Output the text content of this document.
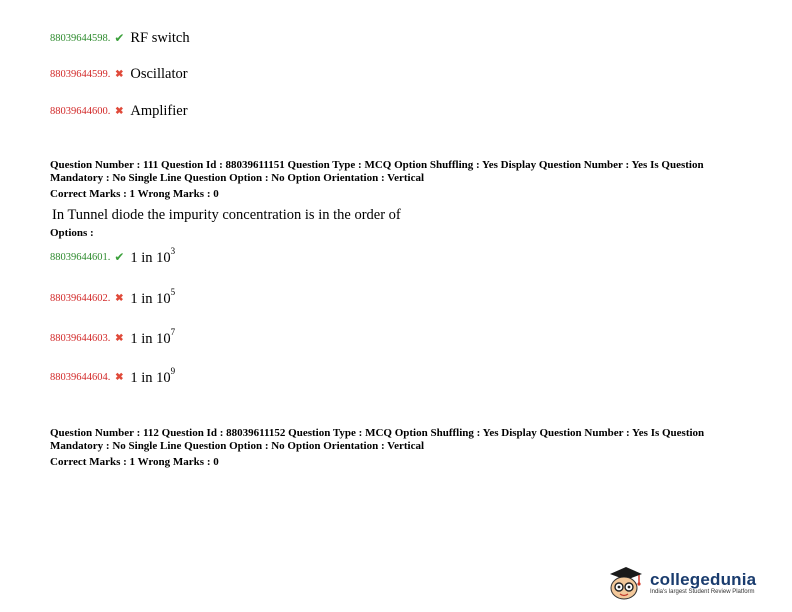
88039644598. ✔ RF switch
88039644599. ✖ Oscillator
88039644600. ✖ Amplifier
Question Number : 111 Question Id : 88039611151 Question Type : MCQ Option Shuffling : Yes Display Question Number : Yes Is Question
Mandatory : No Single Line Question Option : No Option Orientation : Vertical
Correct Marks : 1 Wrong Marks : 0
In Tunnel diode the impurity concentration is in the order of
Options :
88039644601. ✔ 1 in $10^3$
88039644602. ✖ 1 in $10^5$
88039644603. ✖ 1 in $10^7$
88039644604. ✖ 1 in $10^9$
Question Number : 112 Question Id : 88039611152 Question Type : MCQ Option Shuffling : Yes Display Question Number : Yes Is Question
Mandatory : No Single Line Question Option : No Option Orientation : Vertical
Correct Marks : 1 Wrong Marks : 0
collegedunia
India's largest Student Review Platform
